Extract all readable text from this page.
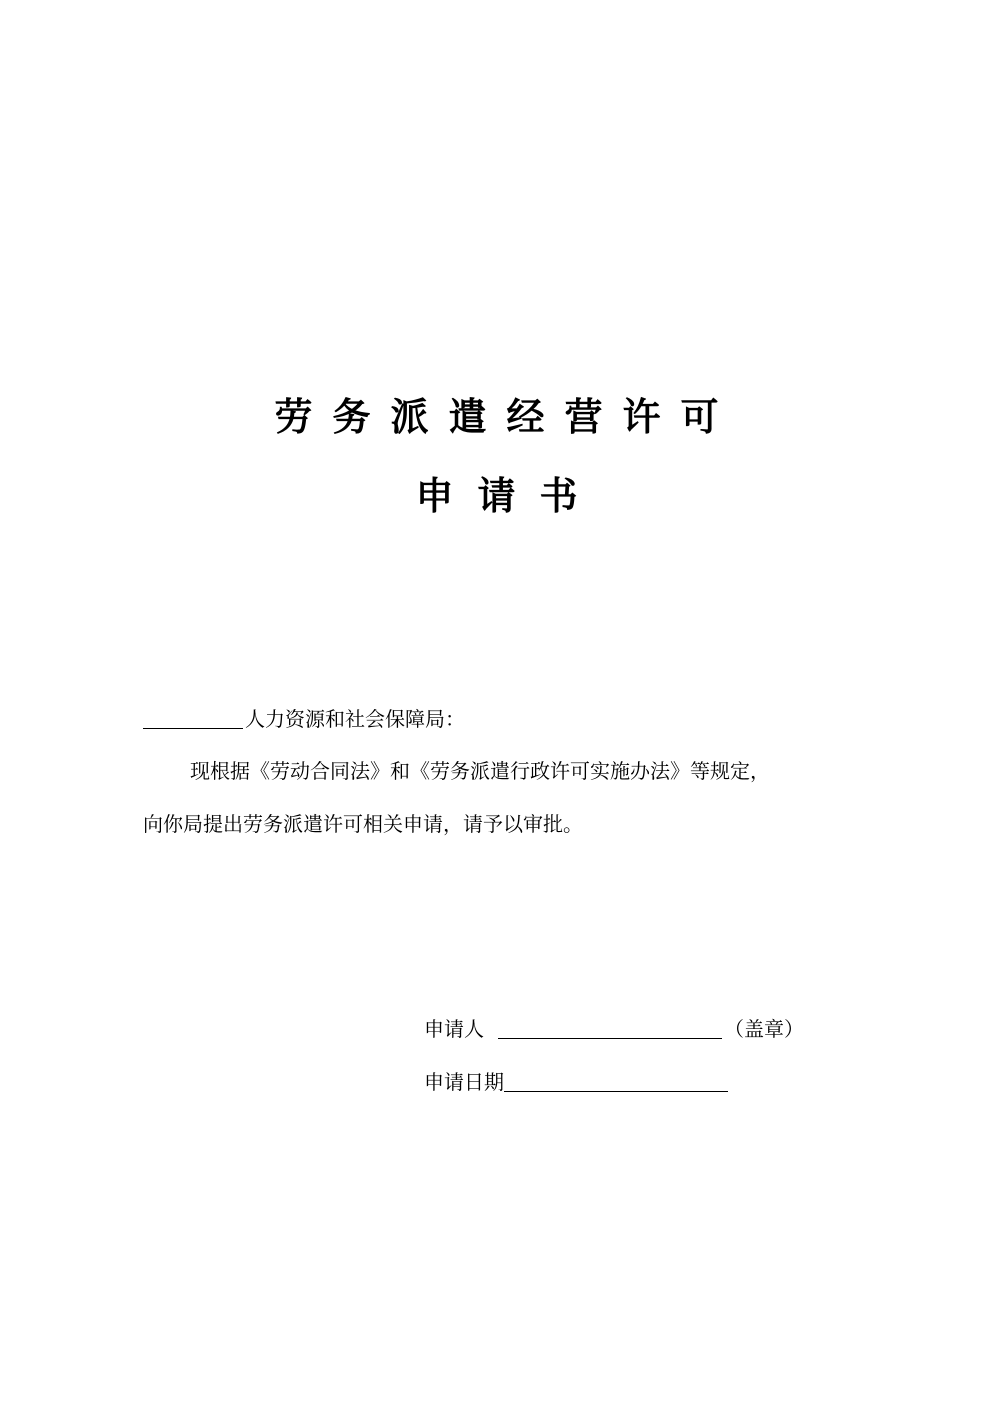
劳务派遣经营许可
申请书
人力资源和社会保障局：
现根据《劳动合同法》和《劳务派遣行政许可实施办法》等规定，
向你局提出劳务派遣许可相关申请，请予以审批。
申请人	（盖章）
申请日期
